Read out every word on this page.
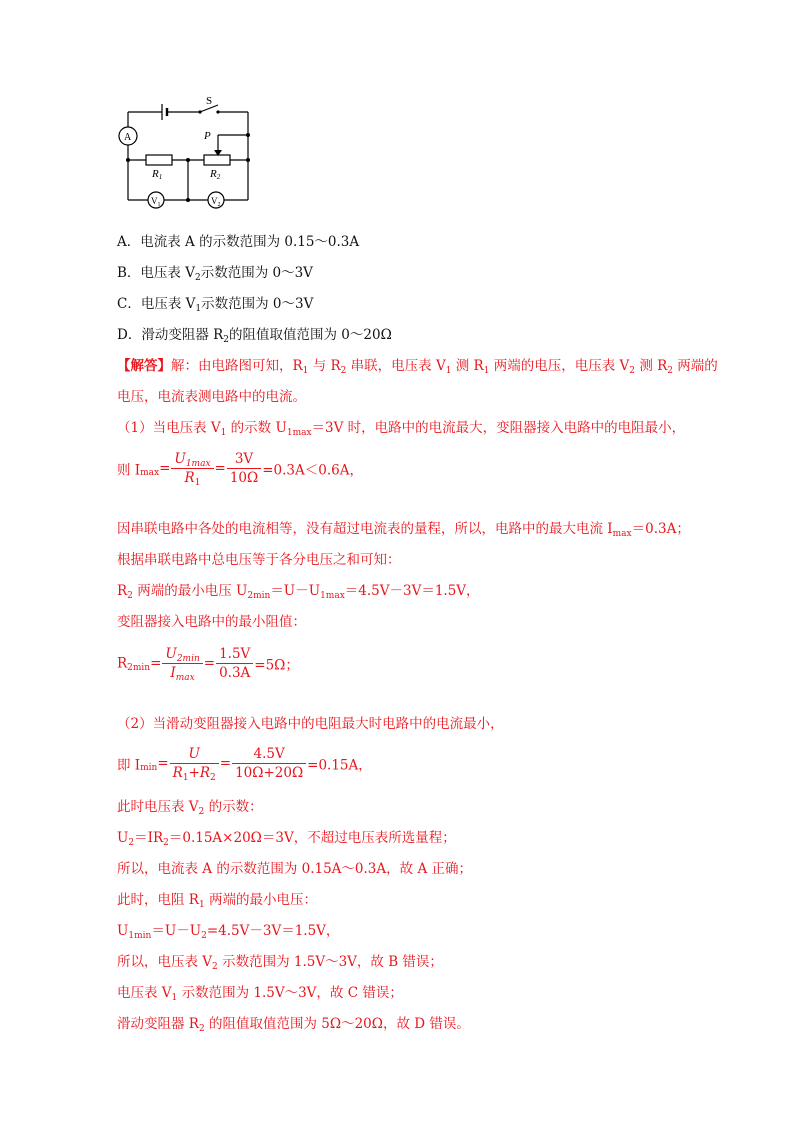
S
A	P
R1	R2
$V_1$	$V_2$
A．电流表 A 的示数范围为 0.15～0.3A
B．电压表 $V_2$示数范围为 0～3V
C．电压表 $V_1$示数范围为 0～3V
D．滑动变阻器 $R_2$的阻值取值范围为 0～20Ω
【解答】解：由电路图可知，$R_1$ 与 $R_2$ 串联，电压表 $V_1$ 测 $R_1$ 两端的电压，电压表 $V_2$ 测 $R_2$ 两端的
电压，电流表测电路中的电流。
（1）当电压表 $V_1$ 的示数 $U_{1max}=3V$ 时，电路中的电流最大，变阻器接入电路中的电阻最小，
则 $I_{max}= \frac{U_{1max}}{R_1} = \frac{3V}{10\Omega} =0.3A<0.6A$，
因串联电路中各处的电流相等，没有超过电流表的量程，所以，电路中的最大电流 $I_{max}=0.3A$；
根据串联电路中总电压等于各分电压之和可知：
$R_2$ 两端的最小电压 $U_{2min}=U-U_{1max}=4.5V-3V=1.5V$，
变阻器接入电路中的最小阻值：
$R_{2min}= \frac{U_{2min}}{I_{max}} = \frac{1.5V}{0.3A} =5\Omega$；
（2）当滑动变阻器接入电路中的电阻最大时电路中的电流最小，
即 $I_{min}= \frac{U}{R_1+R_2} = \frac{4.5V}{10\Omega+20\Omega} =0.15A$，
此时电压表 $V_2$ 的示数：
$U_2=IR_2=0.15A\times 20\Omega=3V$，不超过电压表所选量程；
所以，电流表 A 的示数范围为 0.15A～0.3A，故 A 正确；
此时，电阻 $R_1$ 两端的最小电压：
$U_{1min}=U-U_2=4.5V-3V=1.5V$，
所以，电压表 $V_2$ 示数范围为 1.5V～3V，故 B 错误；
电压表 $V_1$ 示数范围为 1.5V～3V，故 C 错误；
滑动变阻器 $R_2$ 的阻值取值范围为 5Ω～20Ω，故 D 错误。
